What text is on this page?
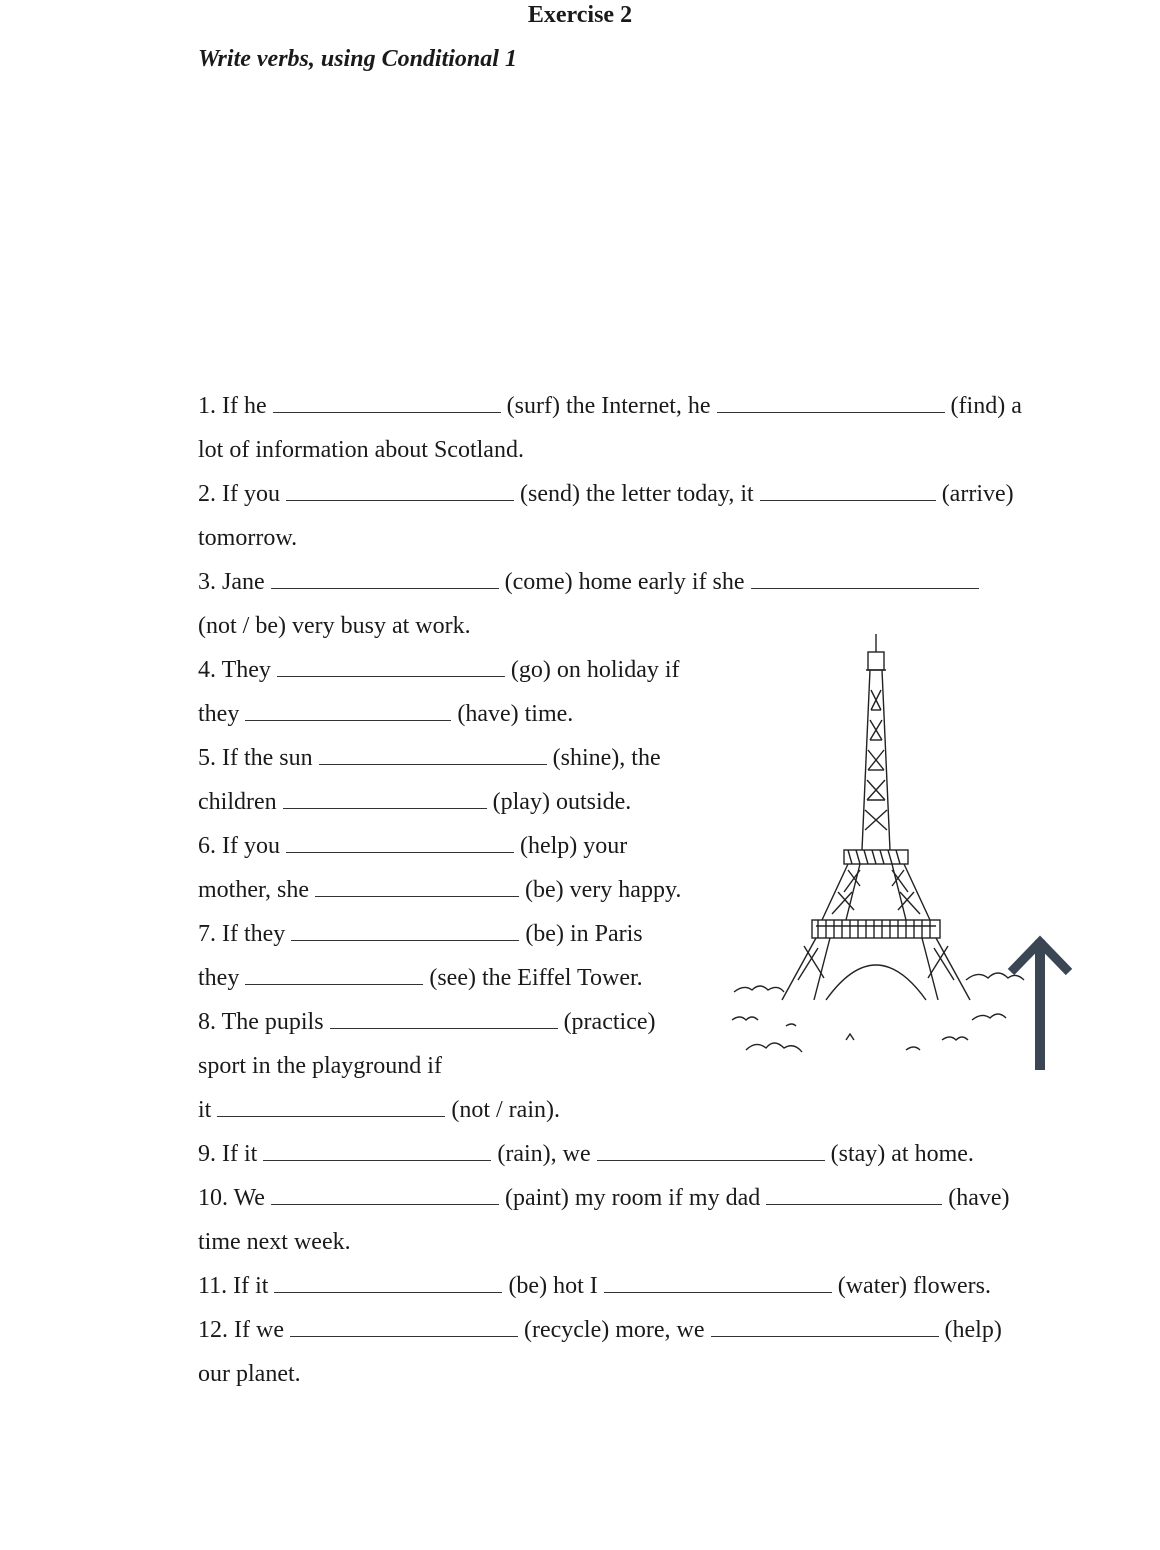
Exercise 2
Write verbs, using Conditional 1
1. If he	(surf) the Internet, he	(find) a
lot of information about Scotland.
2. If you	(send) the letter today, it	(arrive)
tomorrow.
3. Jane	(come) home early if she
(not / be) very busy at work.
4. They	(go) on holiday if
they	(have) time.
5. If the sun	(shine), the
children	(play) outside.
6. If you	(help) your
mother, she	(be) very happy.
7. If they	(be) in Paris
they	(see) the Eiffel Tower.
8. The pupils	(practice)
sport in the playground if
it	(not / rain).
9. If it	(rain), we	(stay) at home.
10. We	(paint) my room if my dad	(have)
time next week.
11. If it	(be) hot I	(water) flowers.
12. If we	(recycle) more, we	(help)
our planet.
